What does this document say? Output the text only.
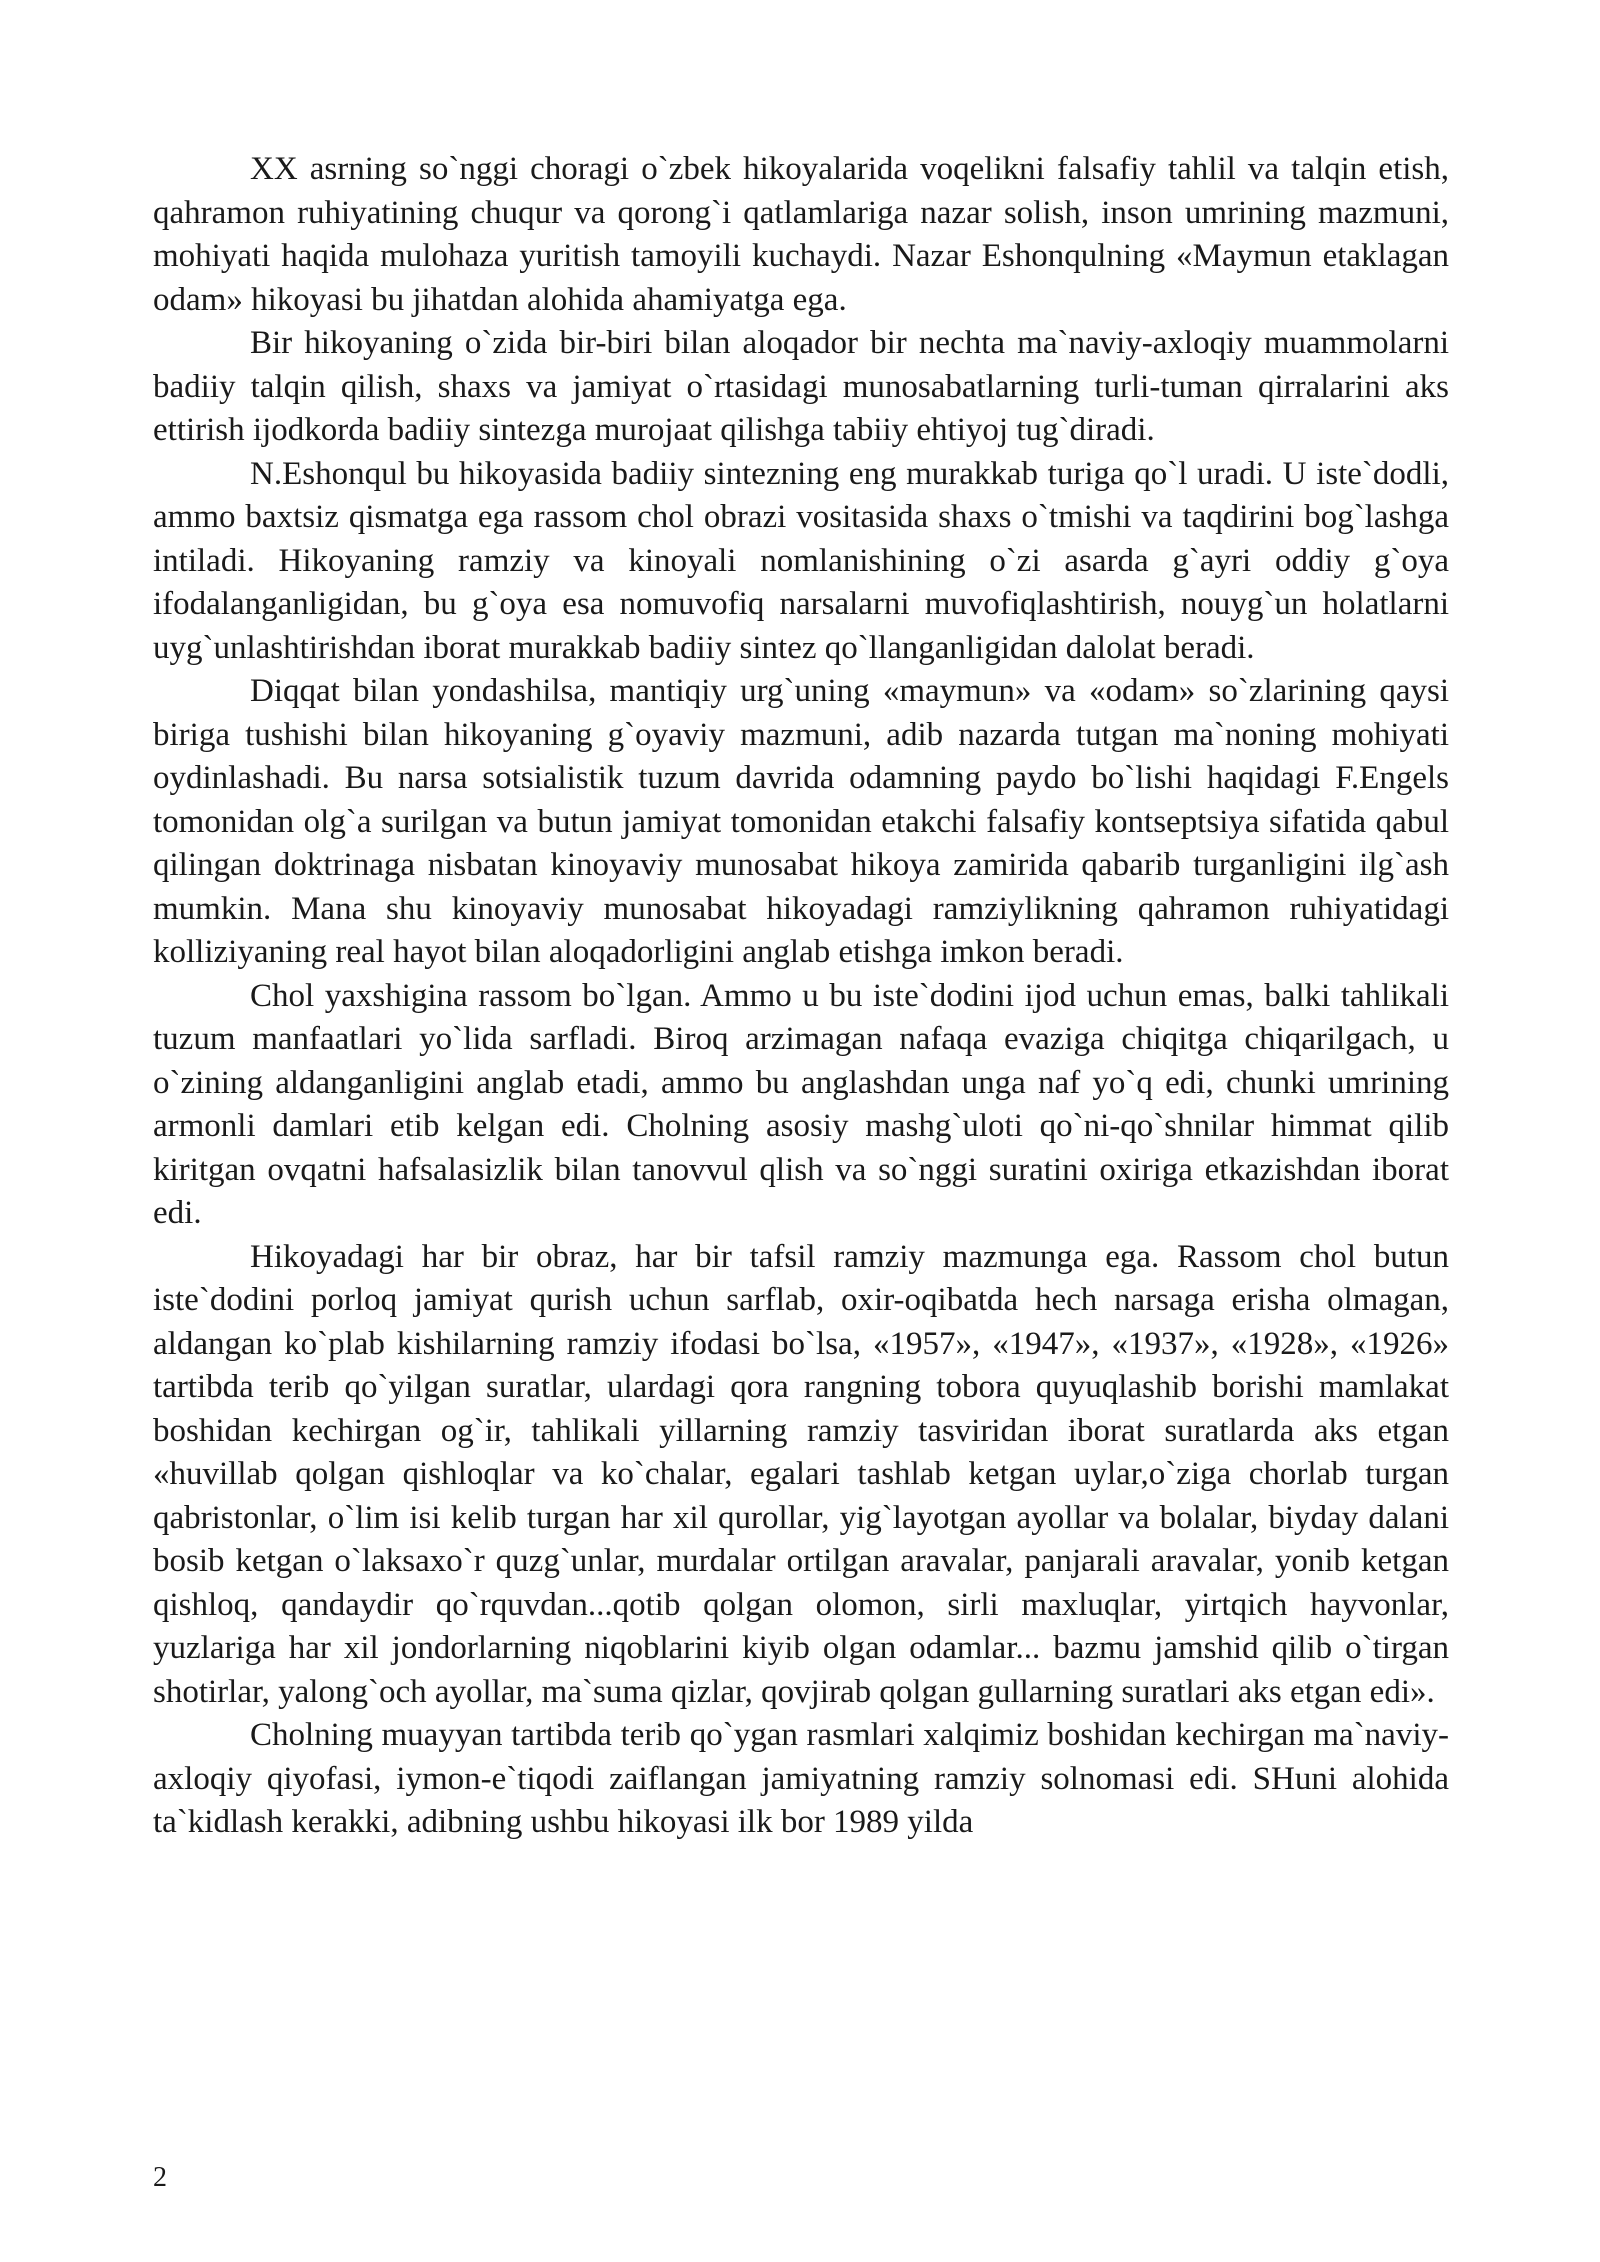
XX asrning so`nggi choragi o`zbek hikoyalarida voqelikni falsafiy tahlil va talqin etish, qahramon ruhiyatining chuqur va qorong`i qatlamlariga nazar solish, inson umrining mazmuni, mohiyati haqida mulohaza yuritish tamoyili kuchaydi. Nazar Eshonqulning «Maymun etaklagan odam» hikoyasi bu jihatdan alohida ahamiyatga ega.

Bir hikoyaning o`zida bir-biri bilan aloqador bir nechta ma`naviy-axloqiy muammolarni badiiy talqin qilish, shaxs va jamiyat o`rtasidagi munosabatlarning turli-tuman qirralarini aks ettirish ijodkorda badiiy sintezga murojaat qilishga tabiiy ehtiyoj tug`diradi.

N.Eshonqul bu hikoyasida badiiy sintezning eng murakkab turiga qo`l uradi. U iste`dodli, ammo baxtsiz qismatga ega rassom chol obrazi vositasida shaxs o`tmishi va taqdirini bog`lashga intiladi. Hikoyaning ramziy va kinoyali nomlanishining o`zi asarda g`ayri oddiy g`oya ifodalanganligidan, bu g`oya esa nomuvofiq narsalarni muvofiqlashtirish, nouyg`un holatlarni uyg`unlashtirishdan iborat murakkab badiiy sintez qo`llanganligidan dalolat beradi.

Diqqat bilan yondashilsa, mantiqiy urg`uning «maymun» va «odam» so`zlarining qaysi biriga tushishi bilan hikoyaning g`oyaviy mazmuni, adib nazarda tutgan ma`noning mohiyati oydinlashadi. Bu narsa sotsialistik tuzum davrida odamning paydo bo`lishi haqidagi F.Engels tomonidan olg`a surilgan va butun jamiyat tomonidan etakchi falsafiy kontseptsiya sifatida qabul qilingan doktrinaga nisbatan kinoyaviy munosabat hikoya zamirida qabarib turganligini ilg`ash mumkin. Mana shu kinoyaviy munosabat hikoyadagi ramziylikning qahramon ruhiyatidagi kolliziyaning real hayot bilan aloqadorligini anglab etishga imkon beradi.

Chol yaxshigina rassom bo`lgan. Ammo u bu iste`dodini ijod uchun emas, balki tahlikali tuzum manfaatlari yo`lida sarfladi. Biroq arzimagan nafaqa evaziga chiqitga chiqarilgach, u o`zining aldanganligini anglab etadi, ammo bu anglashdan unga naf yo`q edi, chunki umrining armonli damlari etib kelgan edi. Cholning asosiy mashg`uloti qo`ni-qo`shnilar himmat qilib kiritgan ovqatni hafsalasizlik bilan tanovvul qlish va so`nggi suratini oxiriga etkazishdan iborat edi.

Hikoyadagi har bir obraz, har bir tafsil ramziy mazmunga ega. Rassom chol butun iste`dodini porloq jamiyat qurish uchun sarflab, oxir-oqibatda hech narsaga erisha olmagan, aldangan ko`plab kishilarning ramziy ifodasi bo`lsa, «1957», «1947», «1937», «1928», «1926» tartibda terib qo`yilgan suratlar, ulardagi qora rangning tobora quyuqlashib borishi mamlakat boshidan kechirgan og`ir, tahlikali yillarning ramziy tasviridan iborat suratlarda aks etgan «huvillab qolgan qishloqlar va ko`chalar, egalari tashlab ketgan uylar,o`ziga chorlab turgan qabristonlar, o`lim isi kelib turgan har xil qurollar, yig`layotgan ayollar va bolalar, biyday dalani bosib ketgan o`laksaxo`r quzg`unlar, murdalar ortilgan aravalar, panjarali aravalar, yonib ketgan qishloq, qandaydir qo`rquvdan...qotib qolgan olomon, sirli maxluqlar, yirtqich hayvonlar, yuzlariga har xil jondorlarning niqoblarini kiyib olgan odamlar... bazmu jamshid qilib o`tirgan shotirlar, yalong`och ayollar, ma`suma qizlar, qovjirab qolgan gullarning suratlari aks etgan edi».

Cholning muayyan tartibda terib qo`ygan rasmlari xalqimiz boshidan kechirgan ma`naviy-axloqiy qiyofasi, iymon-e`tiqodi zaiflangan jamiyatning ramziy solnomasi edi. SHuni alohida ta`kidlash kerakki, adibning ushbu hikoyasi ilk bor 1989 yilda

2
